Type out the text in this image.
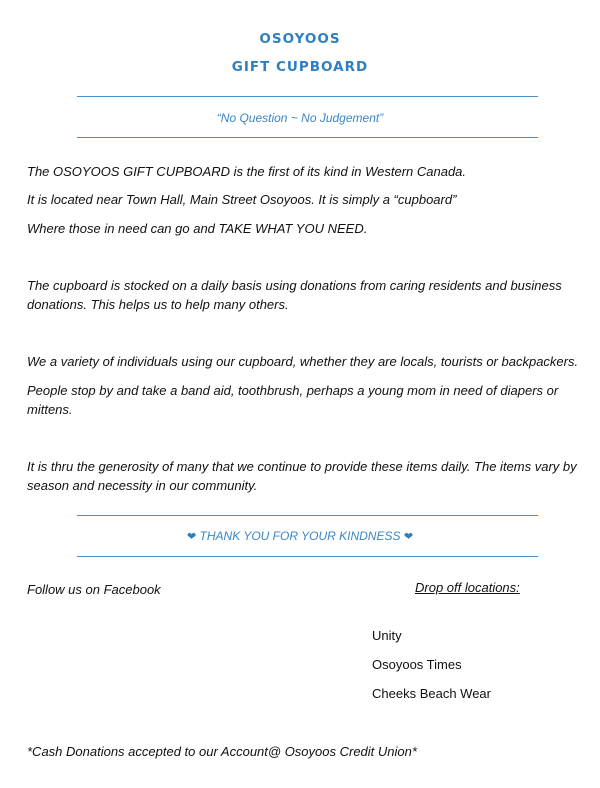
OSOYOOS
GIFT CUPBOARD
“No Question ~ No Judgement”
The OSOYOOS GIFT CUPBOARD is the first of its kind in Western Canada.
It is located near Town Hall, Main Street Osoyoos. It is simply a “cupboard”
Where those in need can go and TAKE WHAT YOU NEED.
The cupboard is stocked on a daily basis using donations from caring residents and business donations. This helps us to help many others.
We a variety of individuals using our cupboard, whether they are locals, tourists or backpackers.
People stop by and take a band aid, toothbrush, perhaps a young mom in need of diapers or mittens.
It is thru the generosity of many that we continue to provide these items daily. The items vary by season and necessity in our community.
❤ THANK YOU FOR YOUR KINDNESS ❤
Follow us on Facebook	Drop off locations:
Unity
Osoyoos Times
Cheeks Beach Wear
*Cash Donations accepted to our Account@ Osoyoos Credit Union*
